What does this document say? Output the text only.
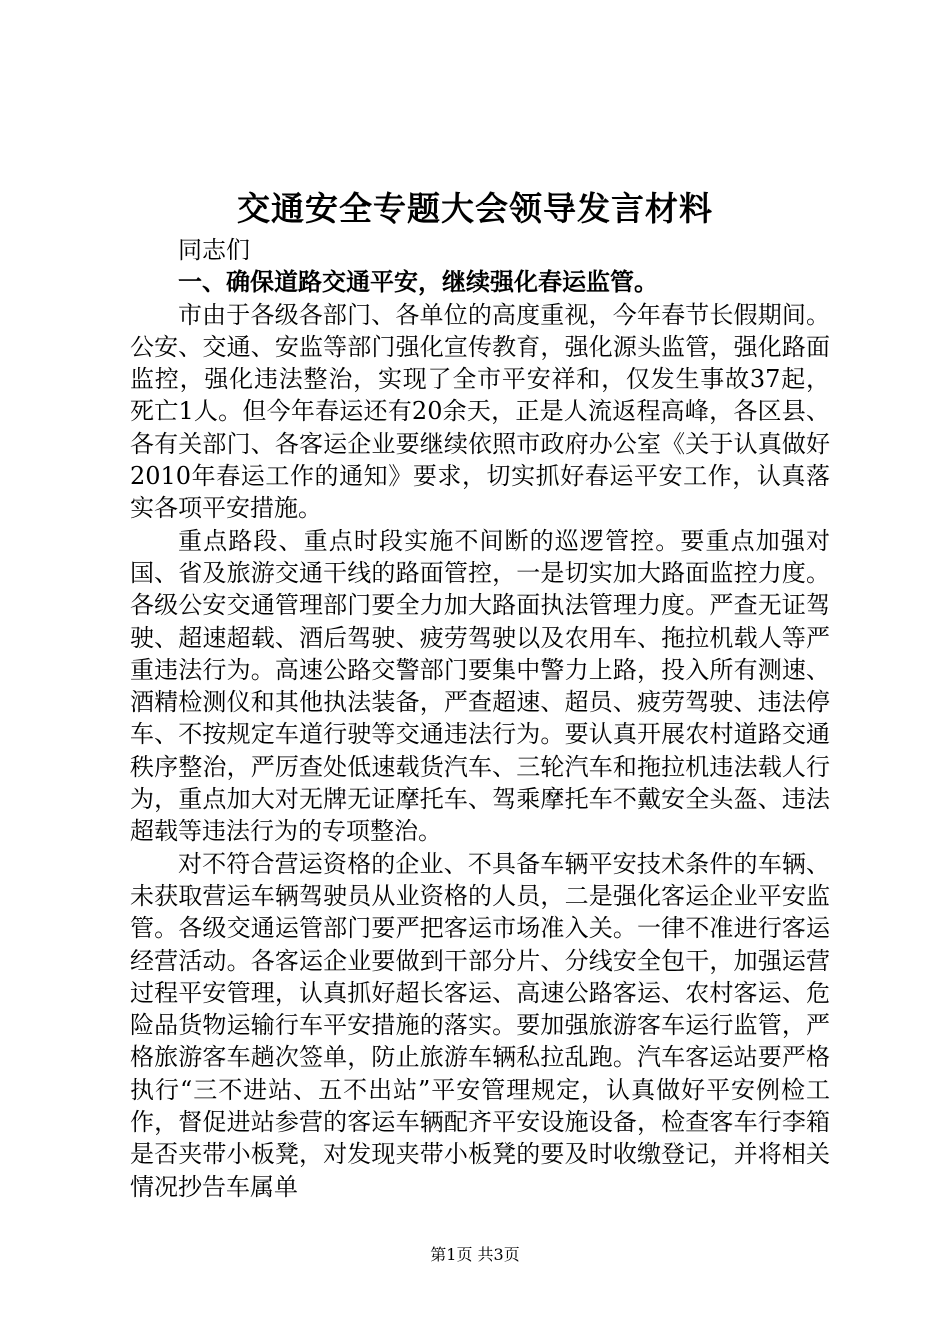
交通安全专题大会领导发言材料

同志们

一、确保道路交通平安，继续强化春运监管。

市由于各级各部门、各单位的高度重视，今年春节长假期间。公安、交通、安监等部门强化宣传教育，强化源头监管，强化路面监控，强化违法整治，实现了全市平安祥和，仅发生事故37起，死亡1人。但今年春运还有20余天，正是人流返程高峰，各区县、各有关部门、各客运企业要继续依照市政府办公室《关于认真做好2010年春运工作的通知》要求，切实抓好春运平安工作，认真落实各项平安措施。

重点路段、重点时段实施不间断的巡逻管控。要重点加强对国、省及旅游交通干线的路面管控，一是切实加大路面监控力度。各级公安交通管理部门要全力加大路面执法管理力度。严查无证驾驶、超速超载、酒后驾驶、疲劳驾驶以及农用车、拖拉机载人等严重违法行为。高速公路交警部门要集中警力上路，投入所有测速、酒精检测仪和其他执法装备，严查超速、超员、疲劳驾驶、违法停车、不按规定车道行驶等交通违法行为。要认真开展农村道路交通秩序整治，严厉查处低速载货汽车、三轮汽车和拖拉机违法载人行为，重点加大对无牌无证摩托车、驾乘摩托车不戴安全头盔、违法超载等违法行为的专项整治。

对不符合营运资格的企业、不具备车辆平安技术条件的车辆、未获取营运车辆驾驶员从业资格的人员，二是强化客运企业平安监管。各级交通运管部门要严把客运市场准入关。一律不准进行客运经营活动。各客运企业要做到干部分片、分线安全包干，加强运营过程平安管理，认真抓好超长客运、高速公路客运、农村客运、危险品货物运输行车平安措施的落实。要加强旅游客车运行监管，严格旅游客车趟次签单，防止旅游车辆私拉乱跑。汽车客运站要严格执行“三不进站、五不出站”平安管理规定，认真做好平安例检工作，督促进站参营的客运车辆配齐平安设施设备，检查客车行李箱是否夹带小板凳，对发现夹带小板凳的要及时收缴登记，并将相关情况抄告车属单

第1页 共3页
